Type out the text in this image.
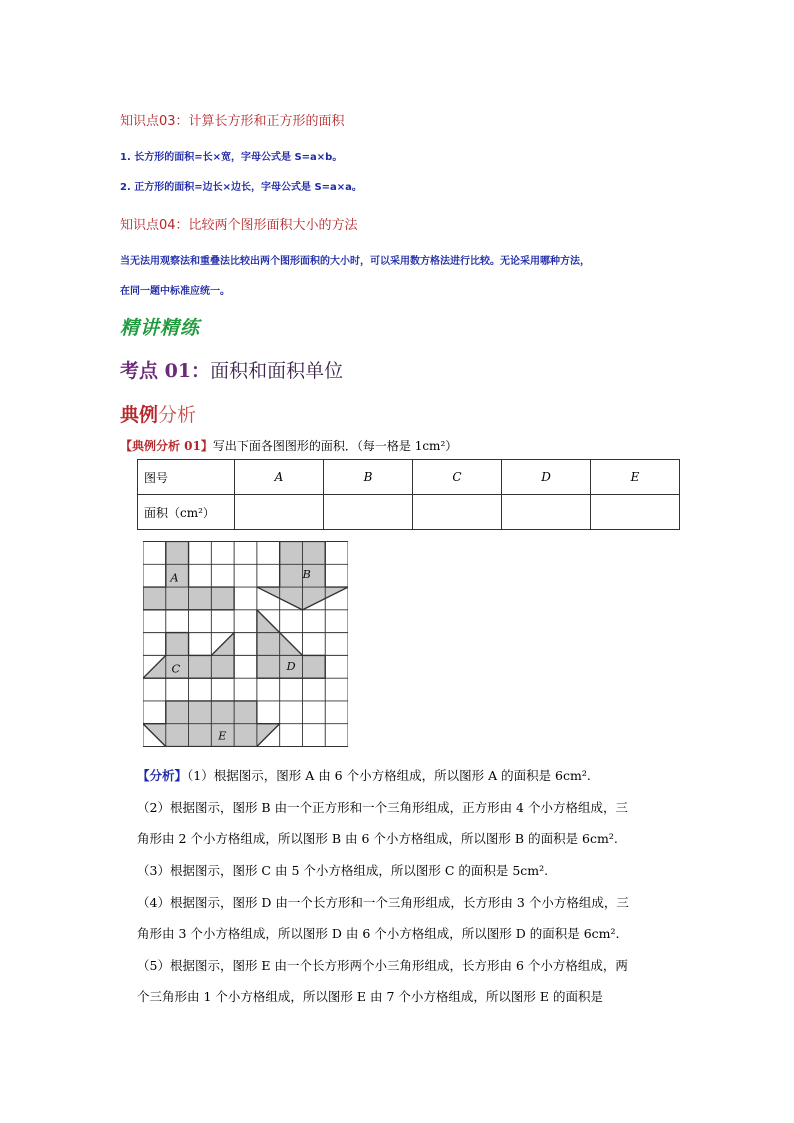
知识点03：计算长方形和正方形的面积
1. 长方形的面积=长×宽，字母公式是 S=a×b。
2. 正方形的面积=边长×边长，字母公式是 S=a×a。
知识点04：比较两个图形面积大小的方法
当无法用观察法和重叠法比较出两个图形面积的大小时，可以采用数方格法进行比较。无论采用哪种方法，
在同一题中标准应统一。
精讲精练
考点 01：面积和面积单位
典例分析
【典例分析 01】写出下面各图图形的面积．（每一格是 1cm²）
图号	A	B	C	D	E
面积（cm²）					
【分析】（1）根据图示，图形 A 由 6 个小方格组成，所以图形 A 的面积是 6cm².
（2）根据图示，图形 B 由一个正方形和一个三角形组成，正方形由 4 个小方格组成，三
角形由 2 个小方格组成，所以图形 B 由 6 个小方格组成，所以图形 B 的面积是 6cm².
（3）根据图示，图形 C 由 5 个小方格组成，所以图形 C 的面积是 5cm².
（4）根据图示，图形 D 由一个长方形和一个三角形组成，长方形由 3 个小方格组成，三
角形由 3 个小方格组成，所以图形 D 由 6 个小方格组成，所以图形 D 的面积是 6cm².
（5）根据图示，图形 E 由一个长方形两个小三角形组成，长方形由 6 个小方格组成，两
个三角形由 1 个小方格组成，所以图形 E 由 7 个小方格组成，所以图形 E 的面积是
